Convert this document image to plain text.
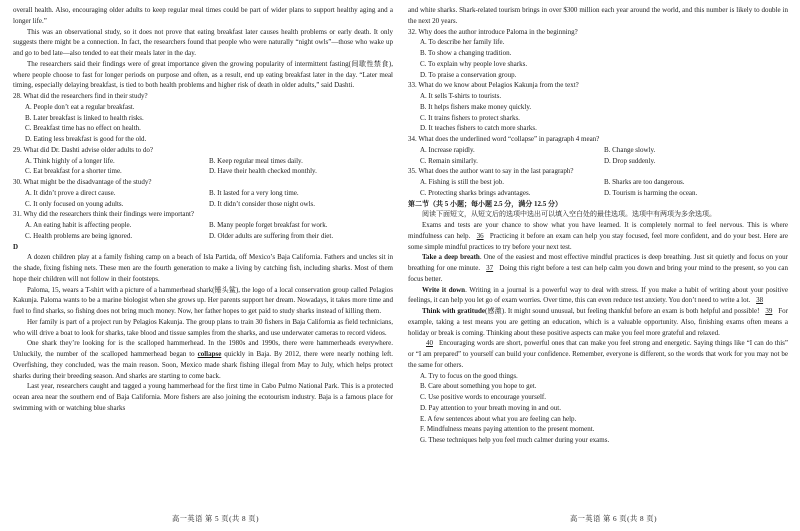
overall health. Also, encouraging older adults to keep regular meal times could be part of wider plans to support healthy aging and a longer life.”

This was an observational study, so it does not prove that eating breakfast later causes health problems or early death. It only suggests there might be a connection. In fact, the researchers found that people who were naturally “night owls”—those who wake up and go to bed late—also tended to eat their meals later in the day.

The researchers said their findings were of great importance given the growing popularity of intermittent fasting(间歇性禁食), where people choose to fast for longer periods on purpose and often, as a result, end up eating breakfast later in the day. “Later meal timing, especially delaying breakfast, is tied to both health problems and higher risk of death in older adults,” said Dashti.

28. What did the researchers find in their study?

A. People don’t eat a regular breakfast.
B. Later breakfast is linked to health risks.
C. Breakfast time has no effect on health.
D. Eating less breakfast is good for the old.

29. What did Dr. Dashti advise older adults to do?

A. Think highly of a longer life.	B. Keep regular meal times daily.
C. Eat breakfast for a shorter time.	D. Have their health checked monthly.

30. What might be the disadvantage of the study?

A. It didn’t prove a direct cause.	B. It lasted for a very long time.
C. It only focused on young adults.	D. It didn’t consider those night owls.

31. Why did the researchers think their findings were important?

A. An eating habit is affecting people.	B. Many people forget breakfast for work.
C. Health problems are being ignored.	D. Older adults are suffering from their diet.

D

A dozen children play at a family fishing camp on a beach of Isla Partida, off Mexico’s Baja California. Fathers and uncles sit in the shade, fixing fishing nets. These men are the fourth generation to make a living by catching fish, including sharks. Most of them hope their children will not follow in their footsteps.

Paloma, 15, wears a T-shirt with a picture of a hammerhead shark(锤头鲨), the logo of a local conservation group called Pelagios Kakunja. Paloma wants to be a marine biologist when she grows up. Her parents support her dream. Nowadays, it takes more time and fuel to find sharks, so fishing does not bring much money. Now, her father hopes to get paid to study sharks instead of killing them.

Her family is part of a project run by Pelagios Kakunja. The group plans to train 30 fishers in Baja California as field technicians, who will drive a boat to look for sharks, take blood and tissue samples from the sharks, and use underwater cameras to record videos.

One shark they’re looking for is the scalloped hammerhead. In the 1980s and 1990s, there were hammerheads everywhere. Unluckily, the number of the scalloped hammerhead began to collapse quickly in Baja. By 2012, there were nearly nothing left. Overfishing, they concluded, was the main reason. Soon, Mexico made shark fishing illegal from May to July, which helps protect sharks during their breeding season. And sharks are starting to come back.

Last year, researchers caught and tagged a young hammerhead for the first time in Cabo Pulmo National Park. This is a protected ocean area near the southern end of Baja California. More fishers are also joining the ecotourism industry. Baja is a famous place for swimming with or watching blue sharks

and white sharks. Shark-related tourism brings in over $300 million each year around the world, and this number is likely to double in the next 20 years.

32. Why does the author introduce Paloma in the beginning?

A. To describe her family life.
B. To show a changing tradition.
C. To explain why people love sharks.
D. To praise a conservation group.

33. What do we know about Pelagios Kakunja from the text?

A. It sells T-shirts to tourists.
B. It helps fishers make money quickly.
C. It trains fishers to protect sharks.
D. It teaches fishers to catch more sharks.

34. What does the underlined word “collapse” in paragraph 4 mean?

A. Increase rapidly.	B. Change slowly.
C. Remain similarly.	D. Drop suddenly.

35. What does the author want to say in the last paragraph?

A. Fishing is still the best job.	B. Sharks are too dangerous.
C. Protecting sharks brings advantages.	D. Tourism is harming the ocean.

第二节（共 5 小题；每小题 2.5 分，满分 12.5 分）

阅读下面短文，从短文后的选项中选出可以填入空白处的最佳选项。选项中有两项为多余选项。

Exams and tests are your chance to show what you have learned. It is completely normal to feel nervous. This is where mindfulness can help. 36 Practicing it before an exam can help you stay focused, feel more confident, and do your best. Here are some simple mindful practices to try before your next test.

Take a deep breath. One of the easiest and most effective mindful practices is deep breathing. Just sit quietly and focus on your breathing for one minute. 37 Doing this right before a test can help calm you down and bring your mind to the present, so you can focus better.

Write it down. Writing in a journal is a powerful way to deal with stress. If you make a habit of writing about your positive feelings, it can help you let go of exam worries. Over time, this can even reduce test anxiety. You don’t need to write a lot. 38

Think with gratitude(感激). It might sound unusual, but feeling thankful before an exam is both helpful and possible! 39 For example, taking a test means you are getting an education, which is a valuable opportunity. Also, finishing exams often means a holiday or break is coming. Thinking about these positive aspects can make you feel more grateful and relaxed.

40 Encouraging words are short, powerful ones that can make you feel strong and energetic. Saying things like “I can do this” or “I am prepared” to yourself can build your confidence. Remember, everyone is different, so the words that work for you may not be the same for others.

A. Try to focus on the good things.
B. Care about something you hope to get.
C. Use positive words to encourage yourself.
D. Pay attention to your breath moving in and out.
E. A few sentences about what you are feeling can help.
F. Mindfulness means paying attention to the present moment.
G. These techniques help you feel much calmer during your exams.
高一英语 第 5 页(共 8 页)	高一英语 第 6 页(共 8 页)
